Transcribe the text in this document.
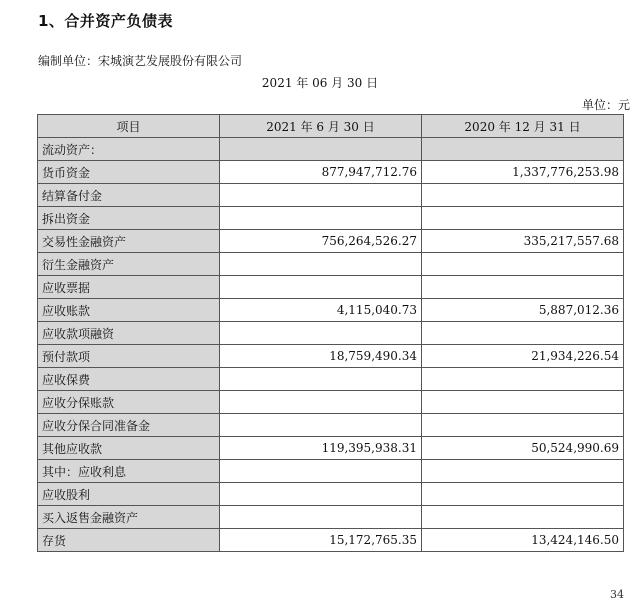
1、合并资产负债表
编制单位：宋城演艺发展股份有限公司
2021 年 06 月 30 日
单位：元
项目	2021 年 6 月 30 日	2020 年 12 月 31 日
流动资产：		
货币资金	877,947,712.76	1,337,776,253.98
结算备付金		
拆出资金		
交易性金融资产	756,264,526.27	335,217,557.68
衍生金融资产		
应收票据		
应收账款	4,115,040.73	5,887,012.36
应收款项融资		
预付款项	18,759,490.34	21,934,226.54
应收保费		
应收分保账款		
应收分保合同准备金		
其他应收款	119,395,938.31	50,524,990.69
其中：应收利息		
应收股利		
买入返售金融资产		
存货	15,172,765.35	13,424,146.50
34
